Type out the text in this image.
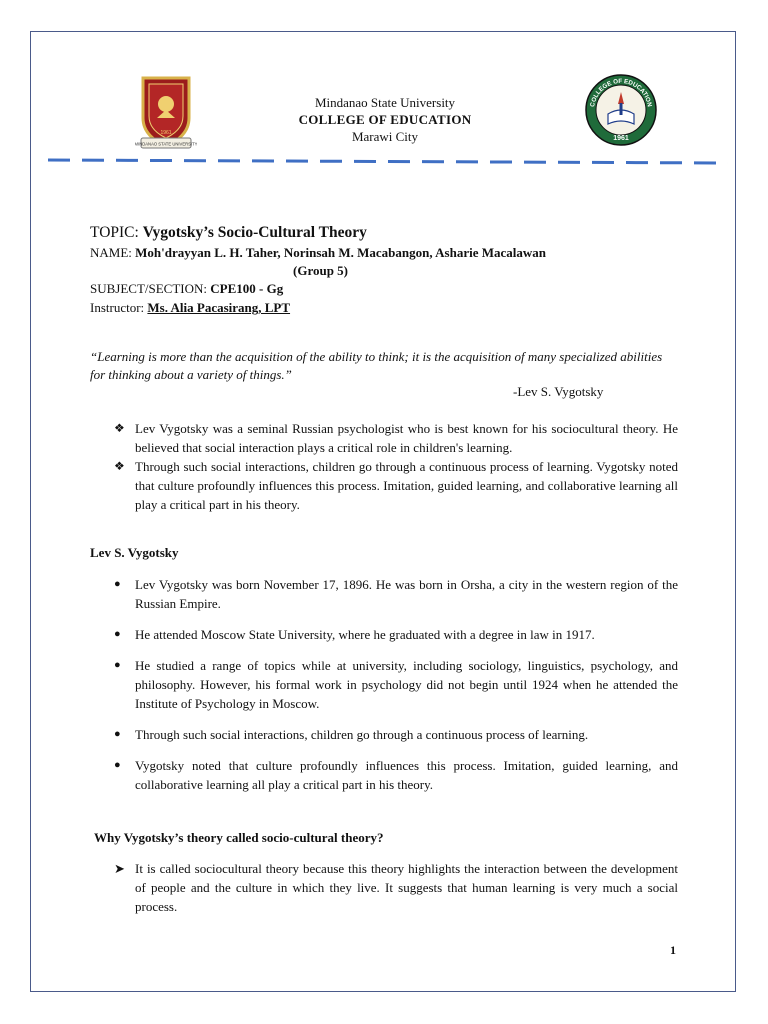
MINDANAO STATE UNIVERSITY
1961
COLLEGE OF EDUCATION
1961
Mindanao State University
COLLEGE OF EDUCATION
Marawi City
TOPIC: Vygotsky’s Socio-Cultural Theory
NAME: Moh'drayyan L. H. Taher, Norinsah M. Macabangon, Asharie Macalawan
(Group 5)
SUBJECT/SECTION: CPE100 - Gg
Instructor: Ms. Alia Pacasirang, LPT
“Learning is more than the acquisition of the ability to think; it is the acquisition of many specialized abilities for thinking about a variety of things.”
-Lev S. Vygotsky
❖ Lev Vygotsky was a seminal Russian psychologist who is best known for his sociocultural theory. He believed that social interaction plays a critical role in children's learning.
❖ Through such social interactions, children go through a continuous process of learning. Vygotsky noted that culture profoundly influences this process. Imitation, guided learning, and collaborative learning all play a critical part in his theory.
Lev S. Vygotsky
●	Lev Vygotsky was born November 17, 1896. He was born in Orsha, a city in the western region of the Russian Empire.
●	He attended Moscow State University, where he graduated with a degree in law in 1917.
●	He studied a range of topics while at university, including sociology, linguistics, psychology, and philosophy. However, his formal work in psychology did not begin until 1924 when he attended the Institute of Psychology in Moscow.
●	Through such social interactions, children go through a continuous process of learning.
●	Vygotsky noted that culture profoundly influences this process. Imitation, guided learning, and collaborative learning all play a critical part in his theory.
Why Vygotsky’s theory called socio-cultural theory?
➤ It is called sociocultural theory because this theory highlights the interaction between the development of people and the culture in which they live. It suggests that human learning is very much a social process.
1
